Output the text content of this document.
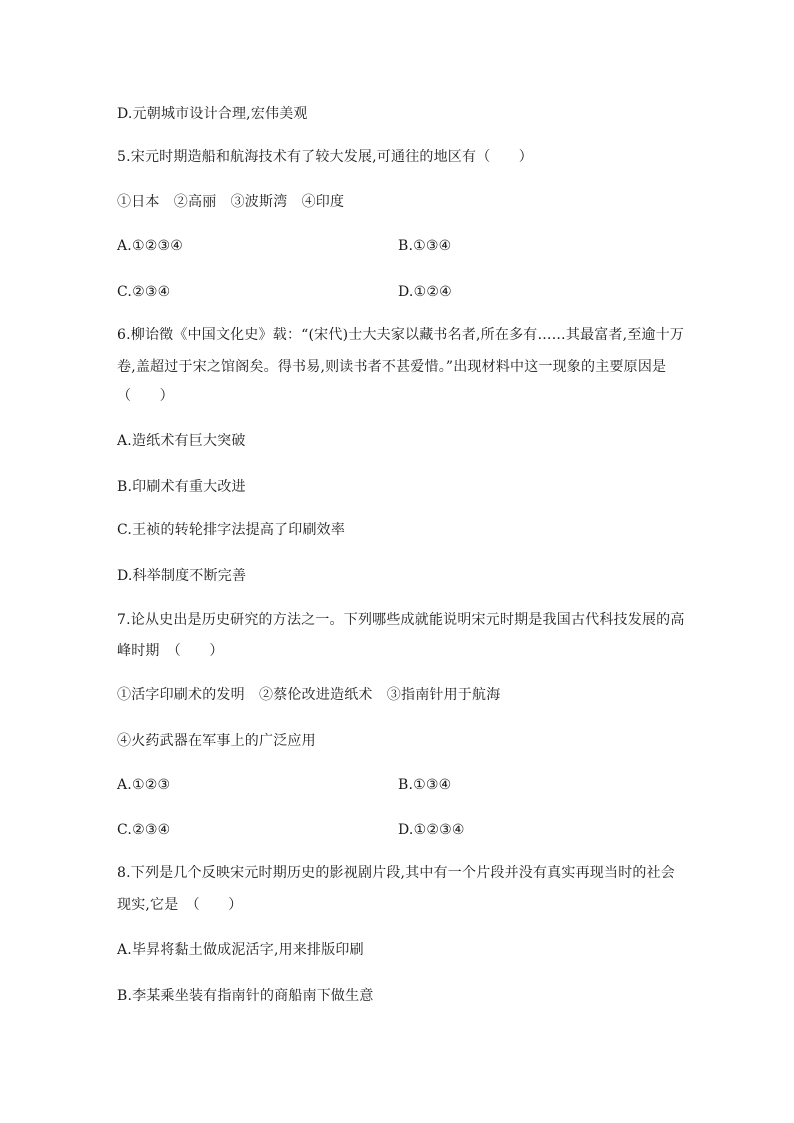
D.元朝城市设计合理,宏伟美观
5.宋元时期造船和航海技术有了较大发展,可通往的地区有（　　）
①日本　②高丽　③波斯湾　④印度
A.①②③④	B.①③④
C.②③④	D.①②④
6.柳诒徵《中国文化史》载：“(宋代)士大夫家以藏书名者,所在多有……其最富者,至逾十万
卷,盖超过于宋之馆阁矣。得书易,则读书者不甚爱惜。”出现材料中这一现象的主要原因是
（　　）
A.造纸术有巨大突破
B.印刷术有重大改进
C.王祯的转轮排字法提高了印刷效率
D.科举制度不断完善
7.论从史出是历史研究的方法之一。下列哪些成就能说明宋元时期是我国古代科技发展的高
峰时期　（　　）
①活字印刷术的发明　②蔡伦改进造纸术　③指南针用于航海
④火药武器在军事上的广泛应用
A.①②③	B.①③④
C.②③④	D.①②③④
8.下列是几个反映宋元时期历史的影视剧片段,其中有一个片段并没有真实再现当时的社会
现实,它是　（　　）
A.毕昇将黏土做成泥活字,用来排版印刷
B.李某乘坐装有指南针的商船南下做生意
